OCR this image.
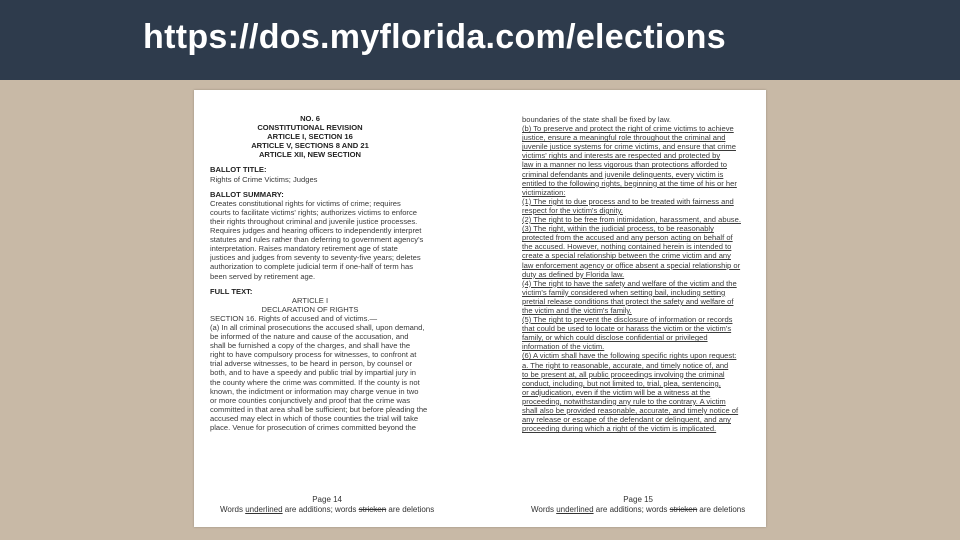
https://dos.myflorida.com/elections
NO. 6
CONSTITUTIONAL REVISION
ARTICLE I, SECTION 16
ARTICLE V, SECTIONS 8 AND 21
ARTICLE XII, NEW SECTION
BALLOT TITLE:
Rights of Crime Victims; Judges
BALLOT SUMMARY:
Creates constitutional rights for victims of crime; requires
courts to facilitate victims' rights; authorizes victims to enforce
their rights throughout criminal and juvenile justice processes.
Requires judges and hearing officers to independently interpret
statutes and rules rather than deferring to government agency's
interpretation. Raises mandatory retirement age of state
justices and judges from seventy to seventy-five years; deletes
authorization to complete judicial term if one-half of term has
been served by retirement age.
FULL TEXT:
ARTICLE I
DECLARATION OF RIGHTS
SECTION 16. Rights of accused and of victims.—
(a) In all criminal prosecutions the accused shall, upon demand,
be informed of the nature and cause of the accusation, and
shall be furnished a copy of the charges, and shall have the
right to have compulsory process for witnesses, to confront at
trial adverse witnesses, to be heard in person, by counsel or
both, and to have a speedy and public trial by impartial jury in
the county where the crime was committed. If the county is not
known, the indictment or information may charge venue in two
or more counties conjunctively and proof that the crime was
committed in that area shall be sufficient; but before pleading the
accused may elect in which of those counties the trial will take
place. Venue for prosecution of crimes committed beyond the
boundaries of the state shall be fixed by law.
(b) To preserve and protect the right of crime victims to achieve
justice, ensure a meaningful role throughout the criminal and
juvenile justice systems for crime victims, and ensure that crime
victims' rights and interests are respected and protected by
law in a manner no less vigorous than protections afforded to
criminal defendants and juvenile delinquents, every victim is
entitled to the following rights, beginning at the time of his or her
victimization:
(1) The right to due process and to be treated with fairness and
respect for the victim's dignity.
(2) The right to be free from intimidation, harassment, and abuse.
(3) The right, within the judicial process, to be reasonably
protected from the accused and any person acting on behalf of
the accused. However, nothing contained herein is intended to
create a special relationship between the crime victim and any
law enforcement agency or office absent a special relationship or
duty as defined by Florida law.
(4) The right to have the safety and welfare of the victim and the
victim's family considered when setting bail, including setting
pretrial release conditions that protect the safety and welfare of
the victim and the victim's family.
(5) The right to prevent the disclosure of information or records
that could be used to locate or harass the victim or the victim's
family, or which could disclose confidential or privileged
information of the victim.
(6) A victim shall have the following specific rights upon request:
a. The right to reasonable, accurate, and timely notice of, and
to be present at, all public proceedings involving the criminal
conduct, including, but not limited to, trial, plea, sentencing,
or adjudication, even if the victim will be a witness at the
proceeding, notwithstanding any rule to the contrary. A victim
shall also be provided reasonable, accurate, and timely notice of
any release or escape of the defendant or delinquent, and any
proceeding during which a right of the victim is implicated.
Page 14
Words underlined are additions; words stricken are deletions
Page 15
Words underlined are additions; words stricken are deletions
